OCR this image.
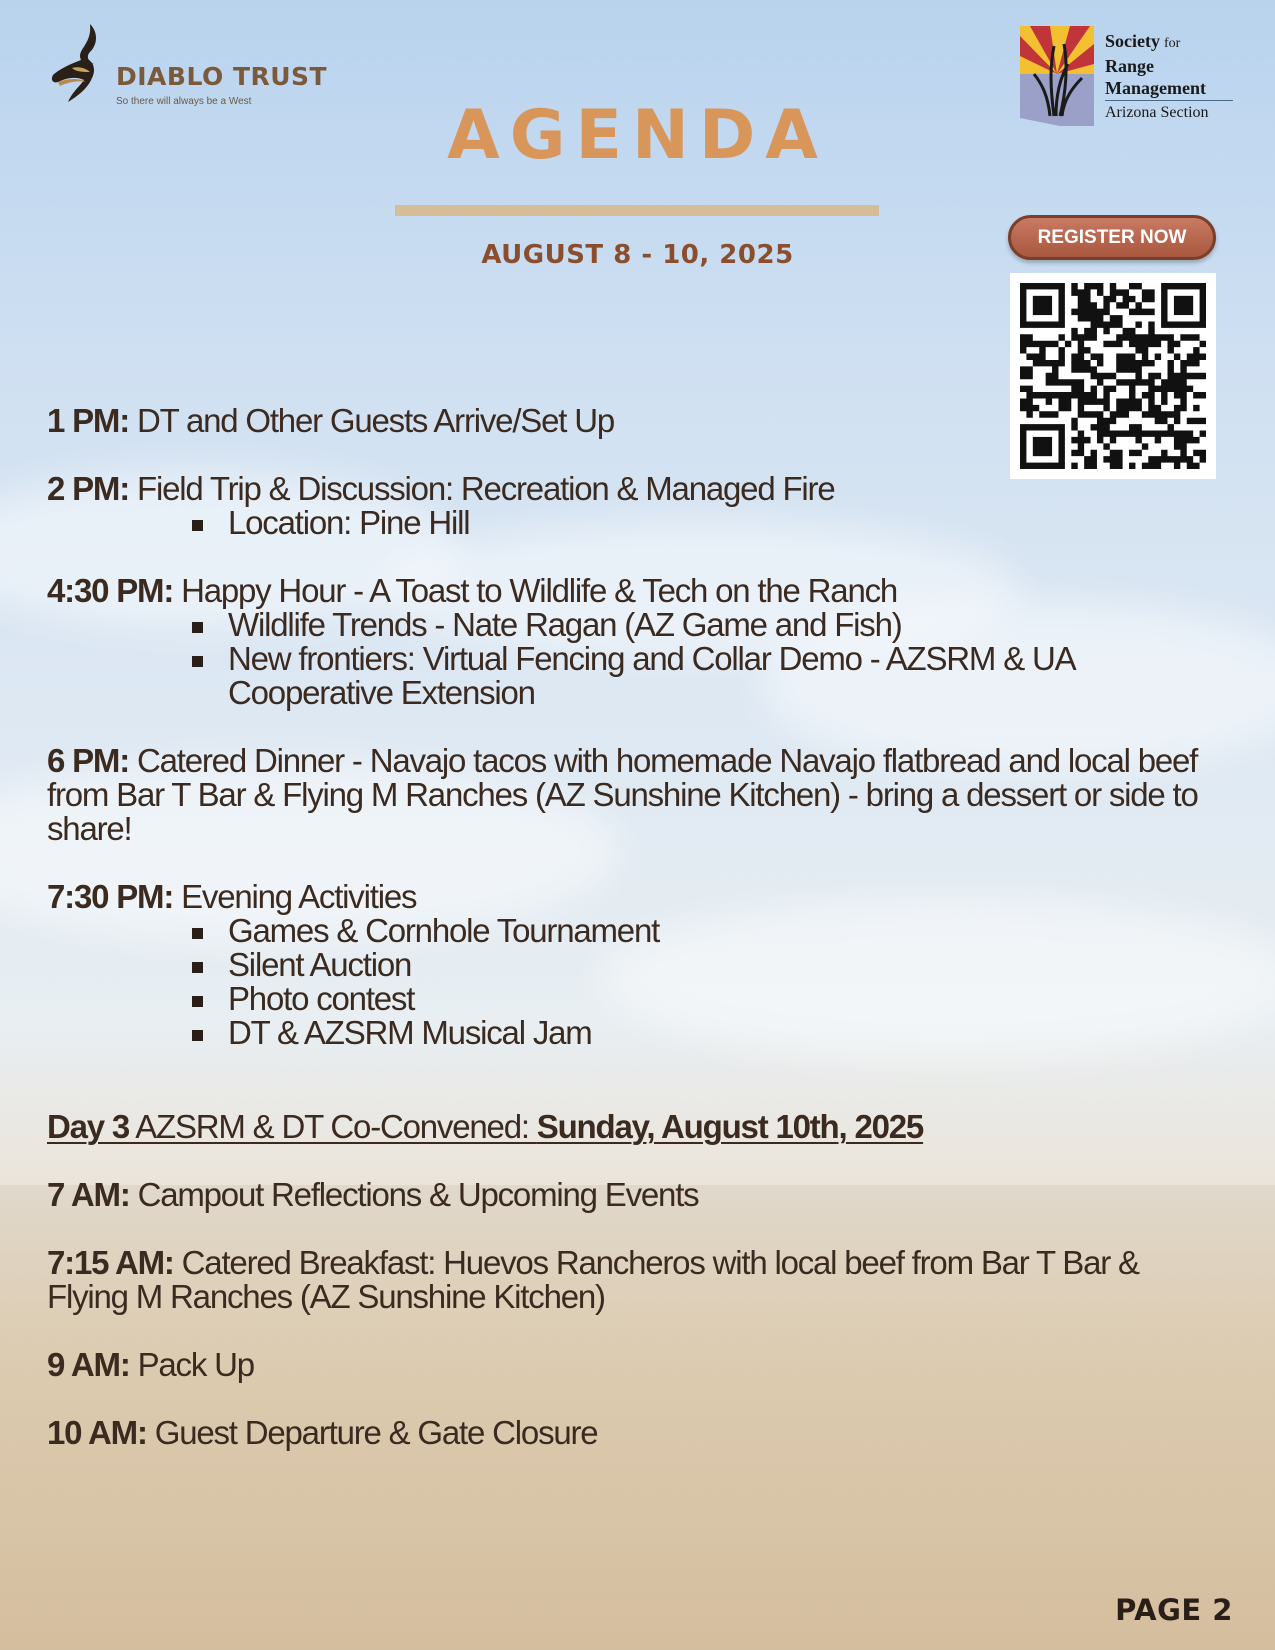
DIABLO TRUST
So there will always be a West
Society for
Range
Management
Arizona Section
AGENDA
AUGUST 8 - 10, 2025
REGISTER NOW

1 PM: DT and Other Guests Arrive/Set Up

2 PM: Field Trip & Discussion: Recreation & Managed Fire

Location: Pine Hill

4:30 PM: Happy Hour - A Toast to Wildlife & Tech on the Ranch

Wildlife Trends - Nate Ragan (AZ Game and Fish)
New frontiers: Virtual Fencing and Collar Demo - AZSRM & UA Cooperative Extension

6 PM: Catered Dinner - Navajo tacos with homemade Navajo flatbread and local beef from Bar T Bar & Flying M Ranches (AZ Sunshine Kitchen) - bring a dessert or side to share!

7:30 PM: Evening Activities

Games & Cornhole Tournament
Silent Auction
Photo contest
DT & AZSRM Musical Jam

Day 3 AZSRM & DT Co-Convened: Sunday, August 10th, 2025

7 AM: Campout Reflections & Upcoming Events

7:15 AM: Catered Breakfast: Huevos Rancheros with local beef from Bar T Bar & Flying M Ranches (AZ Sunshine Kitchen)

9 AM: Pack Up

10 AM: Guest Departure & Gate Closure

PAGE 2
